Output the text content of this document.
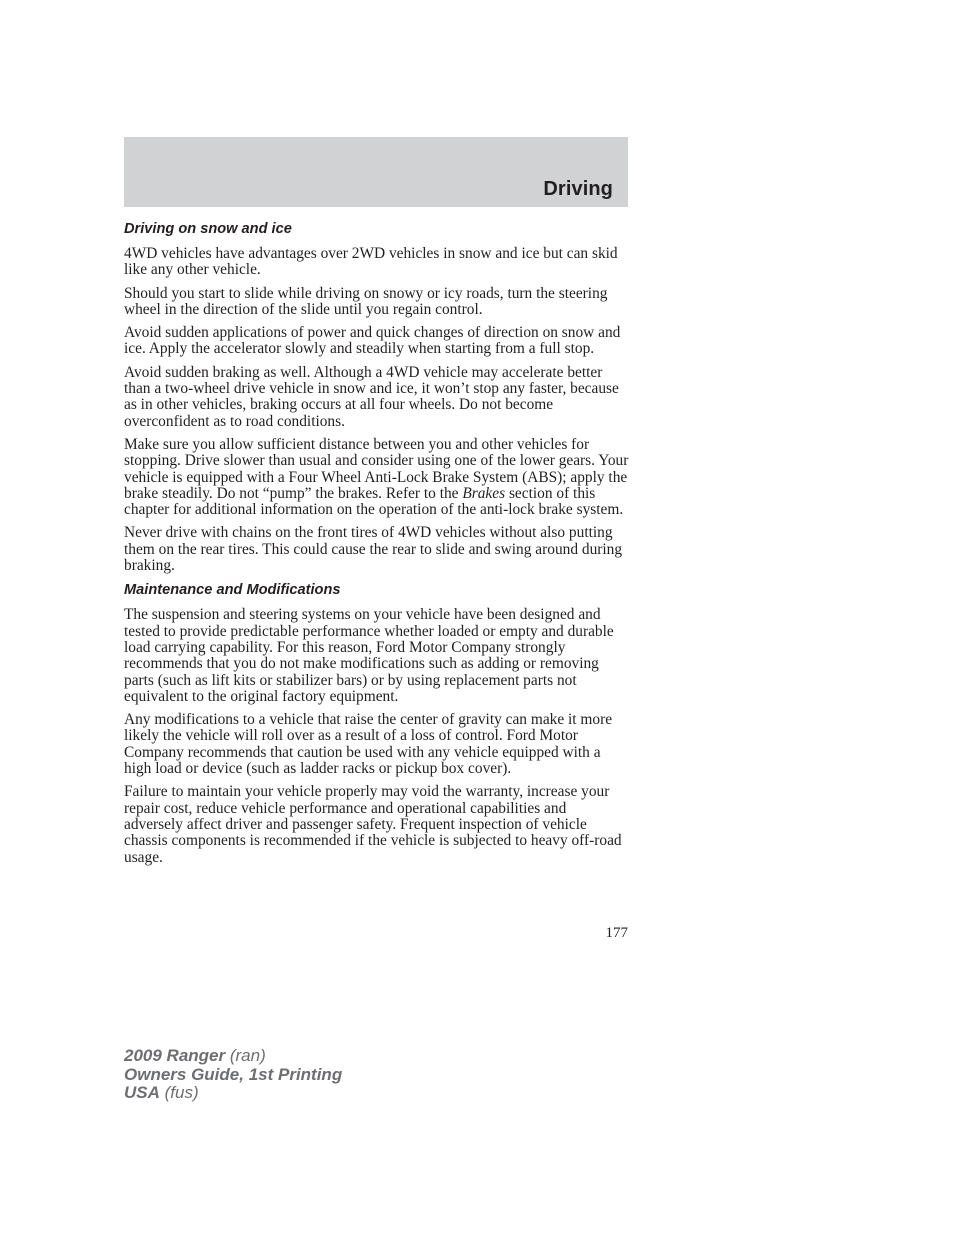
Driving
Driving on snow and ice

4WD vehicles have advantages over 2WD vehicles in snow and ice but can skid like any other vehicle.

Should you start to slide while driving on snowy or icy roads, turn the steering wheel in the direction of the slide until you regain control.

Avoid sudden applications of power and quick changes of direction on snow and ice. Apply the accelerator slowly and steadily when starting from a full stop.

Avoid sudden braking as well. Although a 4WD vehicle may accelerate better than a two-wheel drive vehicle in snow and ice, it won’t stop any faster, because as in other vehicles, braking occurs at all four wheels. Do not become overconfident as to road conditions.

Make sure you allow sufficient distance between you and other vehicles for stopping. Drive slower than usual and consider using one of the lower gears. Your vehicle is equipped with a Four Wheel Anti-Lock Brake System (ABS); apply the brake steadily. Do not “pump” the brakes. Refer to the Brakes section of this chapter for additional information on the operation of the anti-lock brake system.

Never drive with chains on the front tires of 4WD vehicles without also putting them on the rear tires. This could cause the rear to slide and swing around during braking.

Maintenance and Modifications

The suspension and steering systems on your vehicle have been designed and tested to provide predictable performance whether loaded or empty and durable load carrying capability. For this reason, Ford Motor Company strongly recommends that you do not make modifications such as adding or removing parts (such as lift kits or stabilizer bars) or by using replacement parts not equivalent to the original factory equipment.

Any modifications to a vehicle that raise the center of gravity can make it more likely the vehicle will roll over as a result of a loss of control. Ford Motor Company recommends that caution be used with any vehicle equipped with a high load or device (such as ladder racks or pickup box cover).

Failure to maintain your vehicle properly may void the warranty, increase your repair cost, reduce vehicle performance and operational capabilities and adversely affect driver and passenger safety. Frequent inspection of vehicle chassis components is recommended if the vehicle is subjected to heavy off-road usage.

177
2009 Ranger (ran)
Owners Guide, 1st Printing
USA (fus)
